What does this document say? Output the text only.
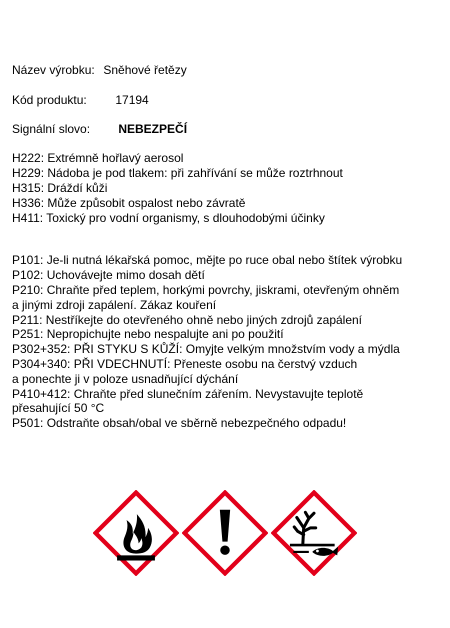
Název výrobku: Sněhové řetězy
Kód produktu: 17194
Signální slovo: NEBEZPEČÍ
H222: Extrémně hořlavý aerosol
H229: Nádoba je pod tlakem: při zahřívání se může roztrhnout
H315: Dráždí kůži
H336: Může způsobit ospalost nebo závratě
H411: Toxický pro vodní organismy, s dlouhodobými účinky
P101: Je-li nutná lékařská pomoc, mějte po ruce obal nebo štítek výrobku
P102: Uchovávejte mimo dosah dětí
P210: Chraňte před teplem, horkými povrchy, jiskrami, otevřeným ohněm
a jinými zdroji zapálení. Zákaz kouření
P211: Nestříkejte do otevřeného ohně nebo jiných zdrojů zapálení
P251: Nepropichujte nebo nespalujte ani po použití
P302+352: PŘI STYKU S KŮŽÍ: Omyjte velkým množstvím vody a mýdla
P304+340: PŘI VDECHNUTÍ: Přeneste osobu na čerstvý vzduch
a ponechte ji v poloze usnadňující dýchání
P410+412: Chraňte před slunečním zářením. Nevystavujte teplotě
přesahující 50 °C
P501: Odstraňte obsah/obal ve sběrně nebezpečného odpadu!
